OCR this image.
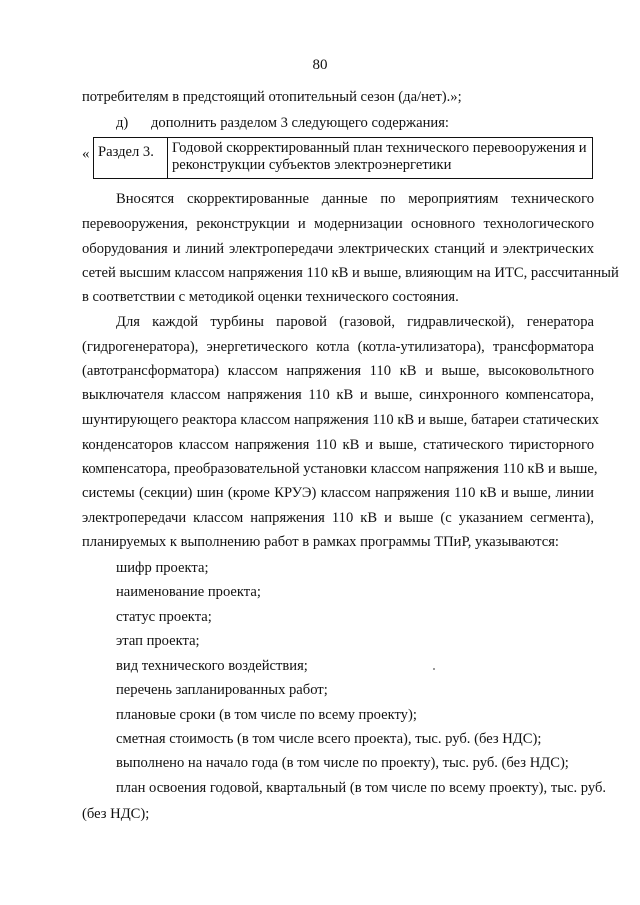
80
потребителям в предстоящий отопительный сезон (да/нет).»;
д)	дополнить разделом 3 следующего содержания:
« Раздел 3.	Годовой скорректированный план технического перевооружения и
реконструкции субъектов электроэнергетики
Вносятся скорректированные данные по мероприятиям технического
перевооружения, реконструкции и модернизации основного технологического
оборудования и линий электропередачи электрических станций и электрических
сетей высшим классом напряжения 110 кВ и выше, влияющим на ИТС, рассчитанный
в соответствии с методикой оценки технического состояния.
Для каждой турбины паровой (газовой, гидравлической), генератора
(гидрогенератора), энергетического котла (котла-утилизатора), трансформатора
(автотрансформатора) классом напряжения 110 кВ и выше, высоковольтного
выключателя классом напряжения 110 кВ и выше, синхронного компенсатора,
шунтирующего реактора классом напряжения 110 кВ и выше, батареи статических
конденсаторов классом напряжения 110 кВ и выше, статического тиристорного
компенсатора, преобразовательной установки классом напряжения 110 кВ и выше,
системы (секции) шин (кроме КРУЭ) классом напряжения 110 кВ и выше, линии
электропередачи классом напряжения 110 кВ и выше (с указанием сегмента),
планируемых к выполнению работ в рамках программы ТПиР, указываются:
шифр проекта;
наименование проекта;
статус проекта;
этап проекта;
вид технического воздействия;
перечень запланированных работ;
плановые сроки (в том числе по всему проекту);
сметная стоимость (в том числе всего проекта), тыс. руб. (без НДС);
выполнено на начало года (в том числе по проекту), тыс. руб. (без НДС);
план освоения годовой, квартальный (в том числе по всему проекту), тыс. руб.
(без НДС);
